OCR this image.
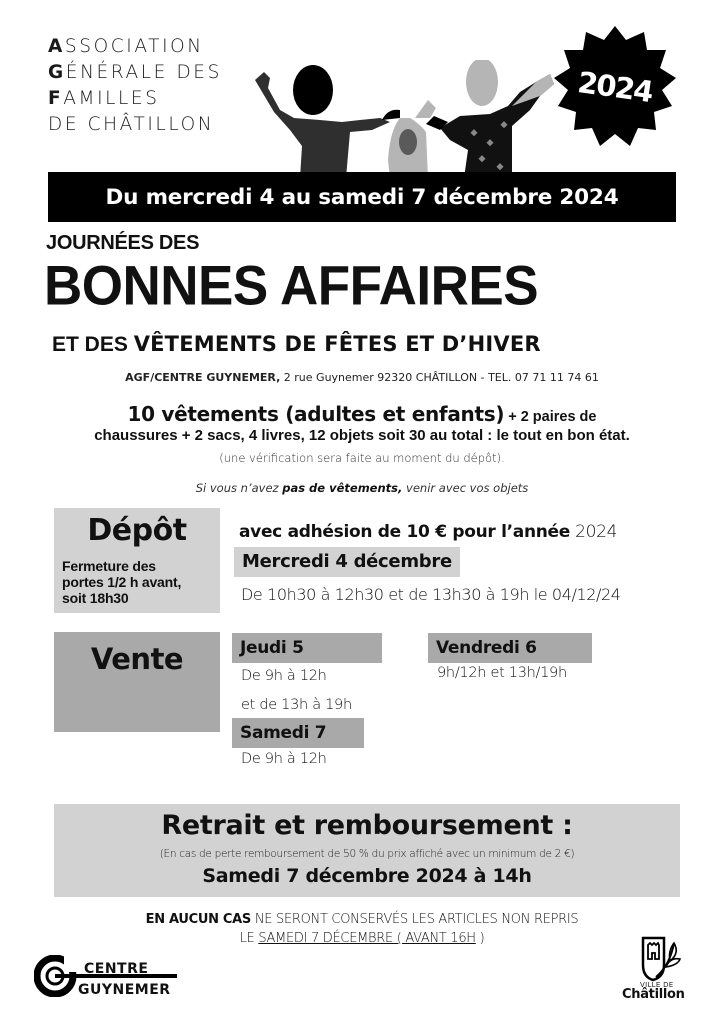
ASSOCIATION
GÉNÉRALE DES
FAMILLES
DE CHÂTILLON
2024
Du mercredi 4 au samedi 7 décembre 2024
JOURNÉES DES
BONNES AFFAIRES
ET DES VÊTEMENTS DE FÊTES ET D’HIVER
AGF/CENTRE GUYNEMER, 2 rue Guynemer 92320 CHÂTILLON - TEL. 07 71 11 74 61
10 vêtements (adultes et enfants) + 2 paires de
chaussures + 2 sacs, 4 livres, 12 objets soit 30 au total : le tout en bon état.
(une vérification sera faite au moment du dépôt).
Si vous n’avez pas de vêtements, venir avec vos objets
Dépôt
Fermeture des
portes 1/2 h avant,
soit 18h30
avec adhésion de 10 € pour l’année 2024
Mercredi 4 décembre
De 10h30 à 12h30 et de 13h30 à 19h le 04/12/24
Vente	Jeudi 5
De 9h à 12h
et de 13h à 19h
Vendredi 6
9h/12h et 13h/19h
Samedi 7
De 9h à 12h
Retrait et remboursement :
(En cas de perte remboursement de 50 % du prix affiché avec un minimum de 2 €)
Samedi 7 décembre 2024 à 14h
EN AUCUN CAS NE SERONT CONSERVÉS LES ARTICLES NON REPRIS
LE SAMEDI 7 DÉCEMBRE ( AVANT 16H )
CENTRE
GUYNEMER	VILLE DE
Châtillon
